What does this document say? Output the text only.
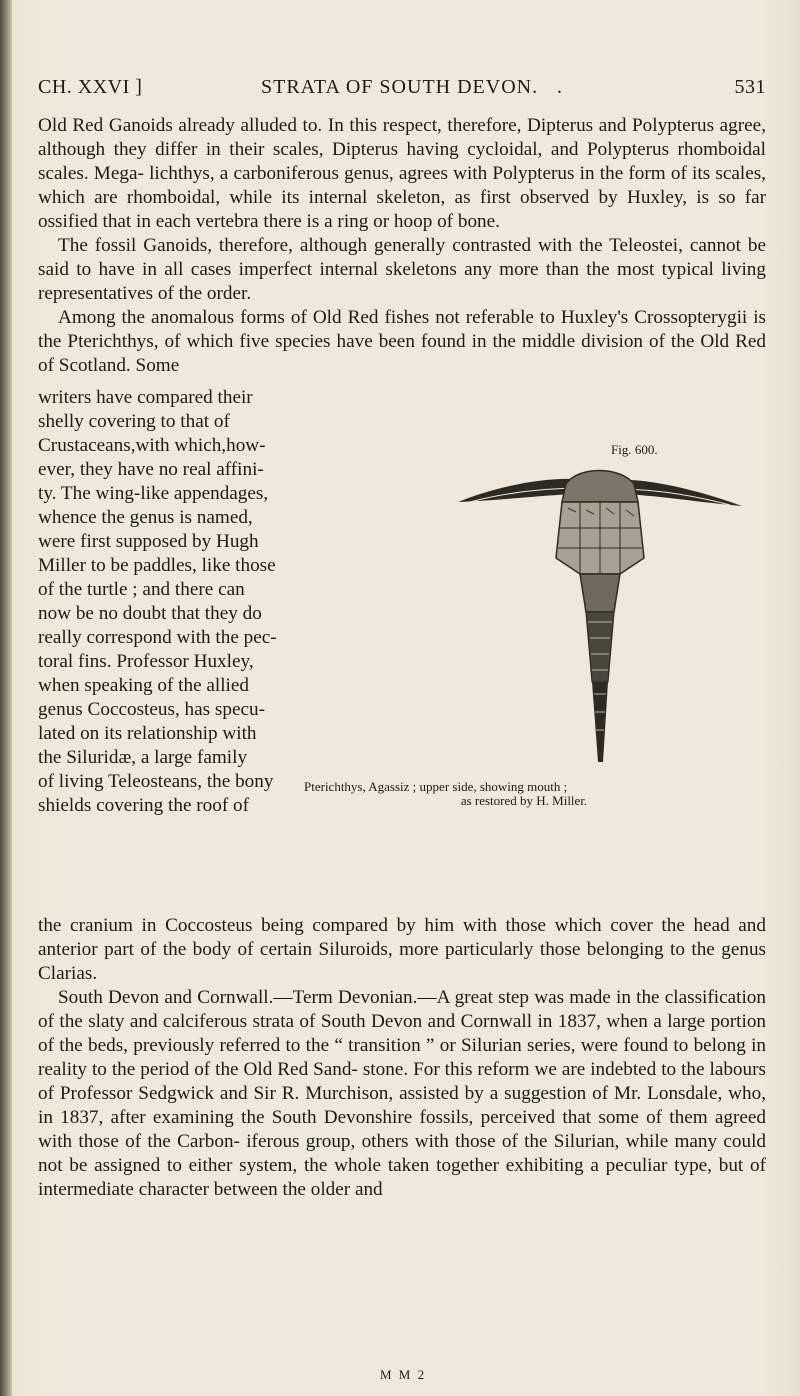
CH. XXVI ]	STRATA OF SOUTH DEVON. .	531

Old Red Ganoids already alluded to. In this respect, therefore, Dipterus and Polypterus agree, although they differ in their scales, Dipterus having cycloidal, and Polypterus rhomboidal scales. Mega- lichthys, a carboniferous genus, agrees with Polypterus in the form of its scales, which are rhomboidal, while its internal skeleton, as first observed by Huxley, is so far ossified that in each vertebra there is a ring or hoop of bone.

The fossil Ganoids, therefore, although generally contrasted with the Teleostei, cannot be said to have in all cases imperfect internal skeletons any more than the most typical living representatives of the order.

Among the anomalous forms of Old Red fishes not referable to Huxley's Crossopterygii is the Pterichthys, of which five species have been found in the middle division of the Old Red of Scotland. Some

writers have compared their

shelly covering to that of

Crustaceans,with which,how-

ever, they have no real affini-

ty. The wing-like appendages,

whence the genus is named,

were first supposed by Hugh

Miller to be paddles, like those

of the turtle ; and there can

now be no doubt that they do

really correspond with the pec-

toral fins. Professor Huxley,

when speaking of the allied

genus Coccosteus, has specu-

lated on its relationship with

the Siluridæ, a large family

of living Teleosteans, the bony

shields covering the roof of

Fig. 600.
Pterichthys, Agassiz ; upper side, showing mouth ;
as restored by H. Miller.

the cranium in Coccosteus being compared by him with those which cover the head and anterior part of the body of certain Siluroids, more particularly those belonging to the genus Clarias.

South Devon and Cornwall.—Term Devonian.—A great step was made in the classification of the slaty and calciferous strata of South Devon and Cornwall in 1837, when a large portion of the beds, previously referred to the “ transition ” or Silurian series, were found to belong in reality to the period of the Old Red Sand- stone. For this reform we are indebted to the labours of Professor Sedgwick and Sir R. Murchison, assisted by a suggestion of Mr. Lonsdale, who, in 1837, after examining the South Devonshire fossils, perceived that some of them agreed with those of the Carbon- iferous group, others with those of the Silurian, while many could not be assigned to either system, the whole taken together exhibiting a peculiar type, but of intermediate character between the older and

M M 2
